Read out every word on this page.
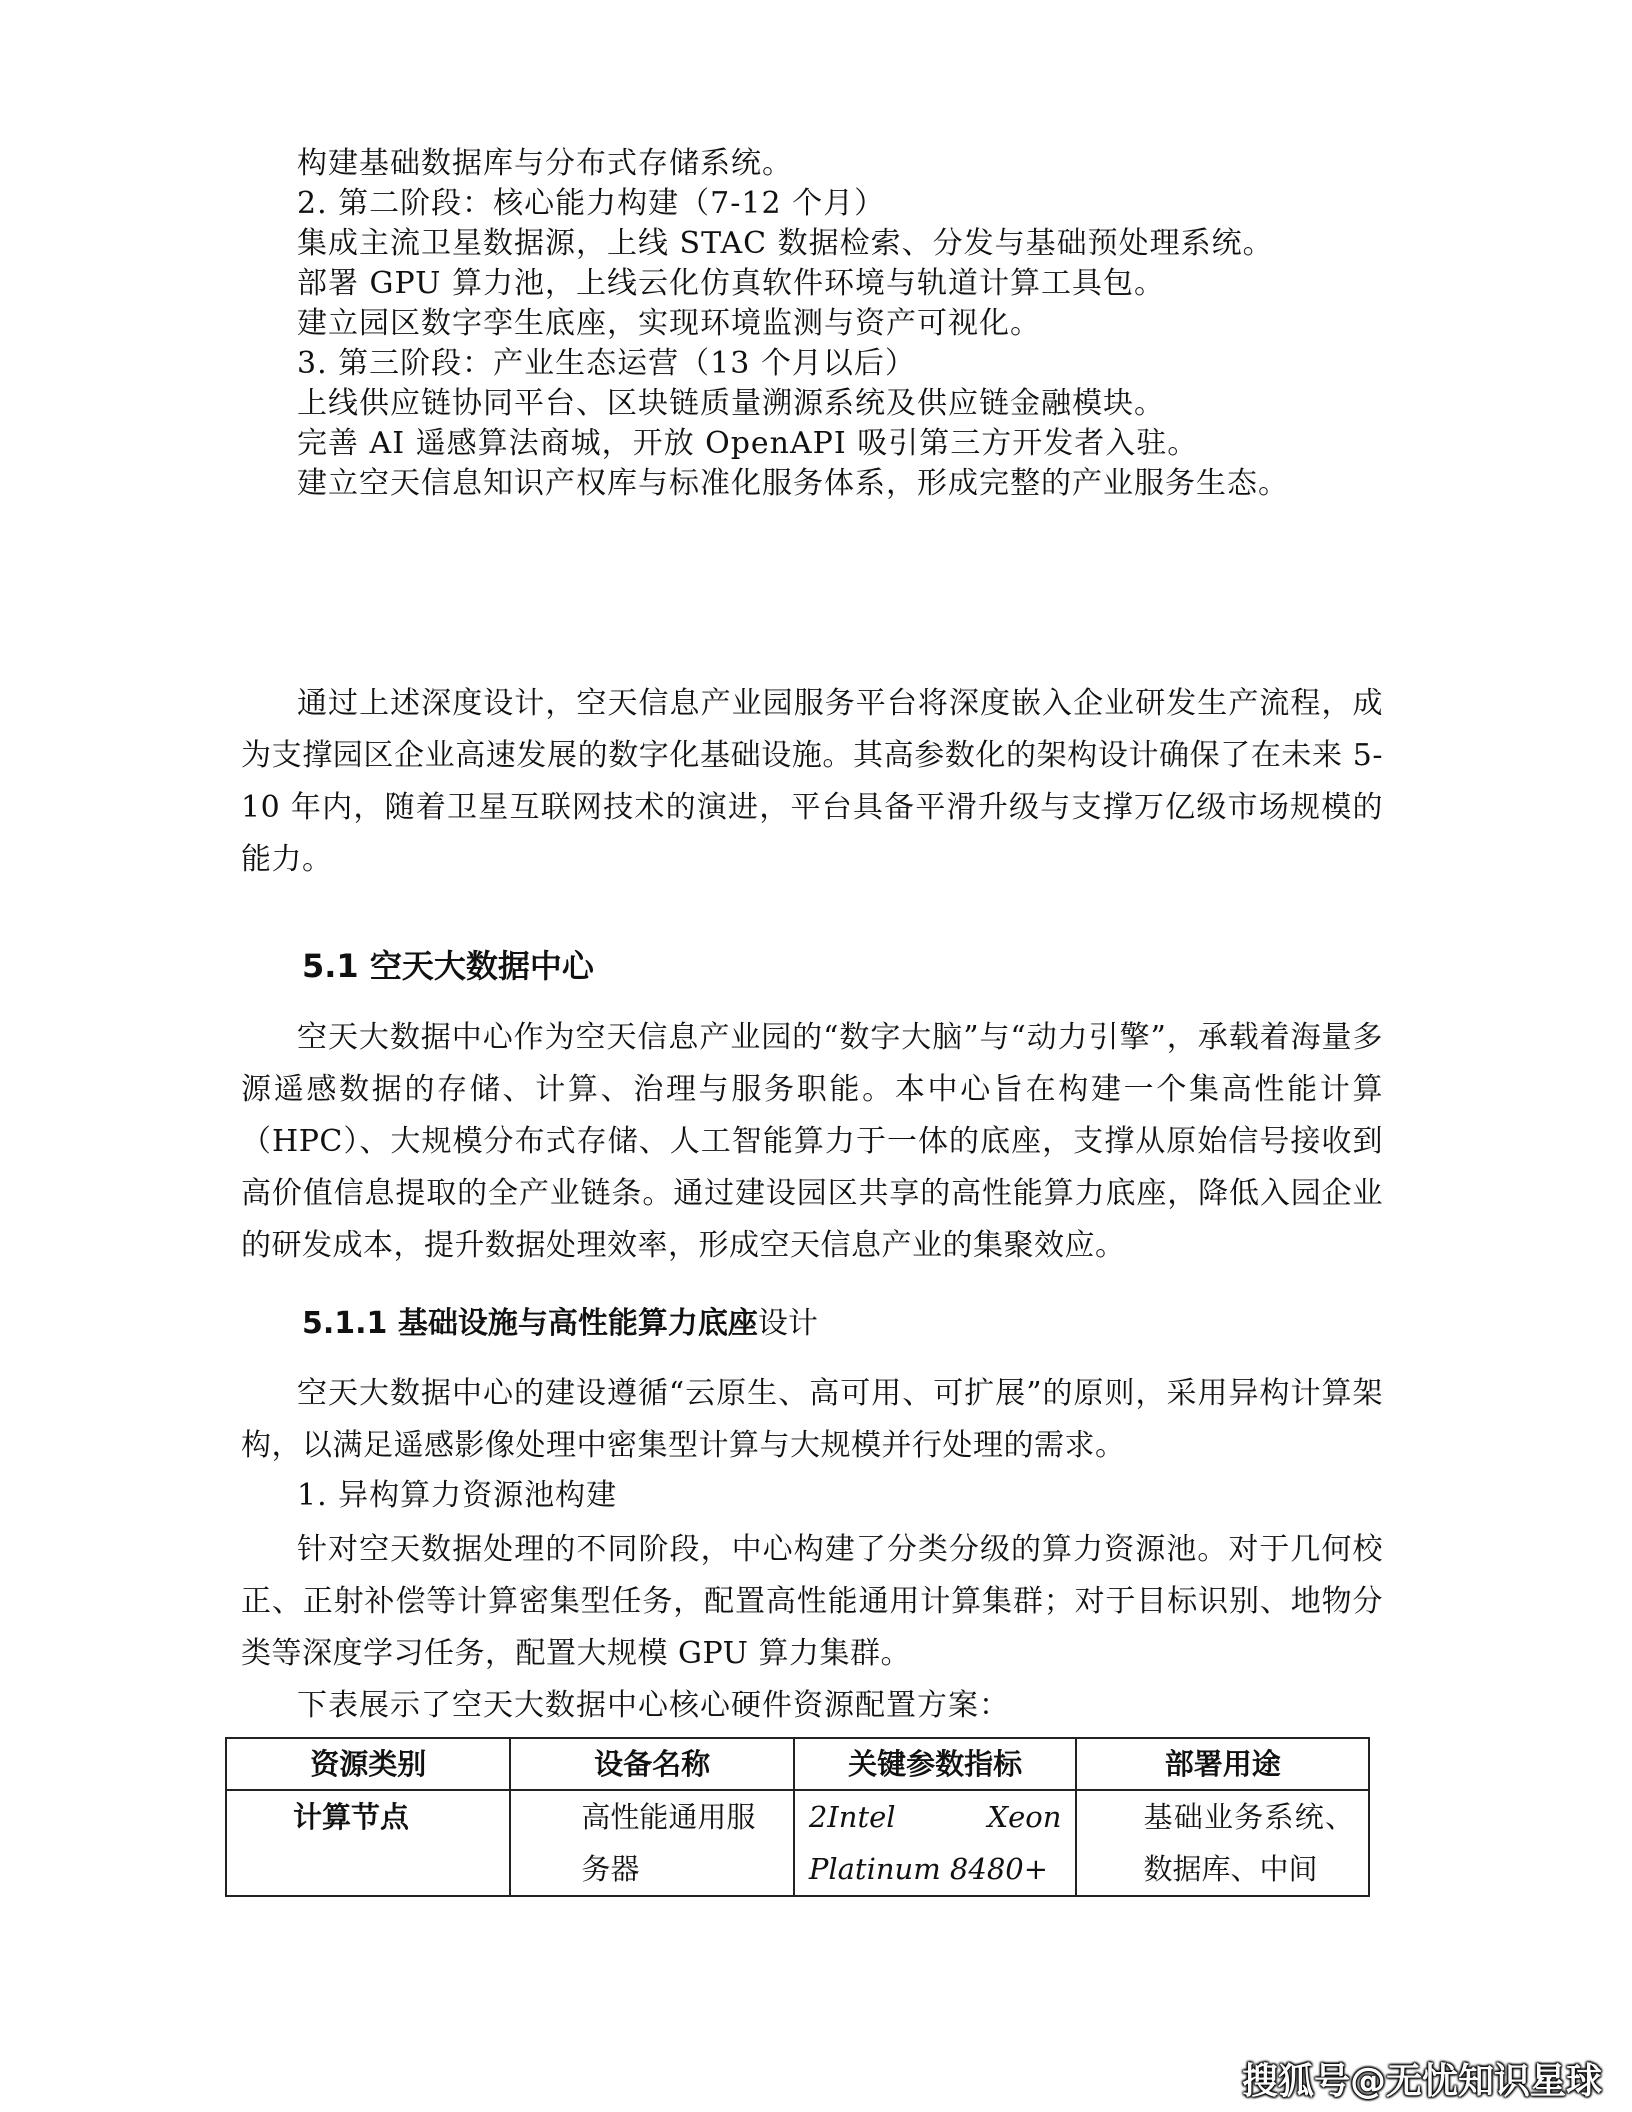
构建基础数据库与分布式存储系统。
2. 第二阶段：核心能力构建（7-12 个月）
集成主流卫星数据源，上线 STAC 数据检索、分发与基础预处理系统。
部署 GPU 算力池，上线云化仿真软件环境与轨道计算工具包。
建立园区数字孪生底座，实现环境监测与资产可视化。
3. 第三阶段：产业生态运营（13 个月以后）
上线供应链协同平台、区块链质量溯源系统及供应链金融模块。
完善 AI 遥感算法商城，开放 OpenAPI 吸引第三方开发者入驻。
建立空天信息知识产权库与标准化服务体系，形成完整的产业服务生态。

通过上述深度设计，空天信息产业园服务平台将深度嵌入企业研发生产流程，成为支撑园区企业高速发展的数字化基础设施。其高参数化的架构设计确保了在未来 5-10 年内，随着卫星互联网技术的演进，平台具备平滑升级与支撑万亿级市场规模的能力。

5.1 空天大数据中心

空天大数据中心作为空天信息产业园的“数字大脑”与“动力引擎”，承载着海量多源遥感数据的存储、计算、治理与服务职能。本中心旨在构建一个集高性能计算（HPC）、大规模分布式存储、人工智能算力于一体的底座，支撑从原始信号接收到高价值信息提取的全产业链条。通过建设园区共享的高性能算力底座，降低入园企业的研发成本，提升数据处理效率，形成空天信息产业的集聚效应。

5.1.1 基础设施与高性能算力底座设计

空天大数据中心的建设遵循“云原生、高可用、可扩展”的原则，采用异构计算架构，以满足遥感影像处理中密集型计算与大规模并行处理的需求。

1. 异构算力资源池构建

针对空天数据处理的不同阶段，中心构建了分类分级的算力资源池。对于几何校正、正射补偿等计算密集型任务，配置高性能通用计算集群；对于目标识别、地物分类等深度学习任务，配置大规模 GPU 算力集群。

下表展示了空天大数据中心核心硬件资源配置方案：
资源类别	设备名称	关键参数指标	部署用途
计算节点	高性能通用服务器	2Intel Xeon Platinum 8480+	基础业务系统、数据库、中间
搜狐号@无忧知识星球
